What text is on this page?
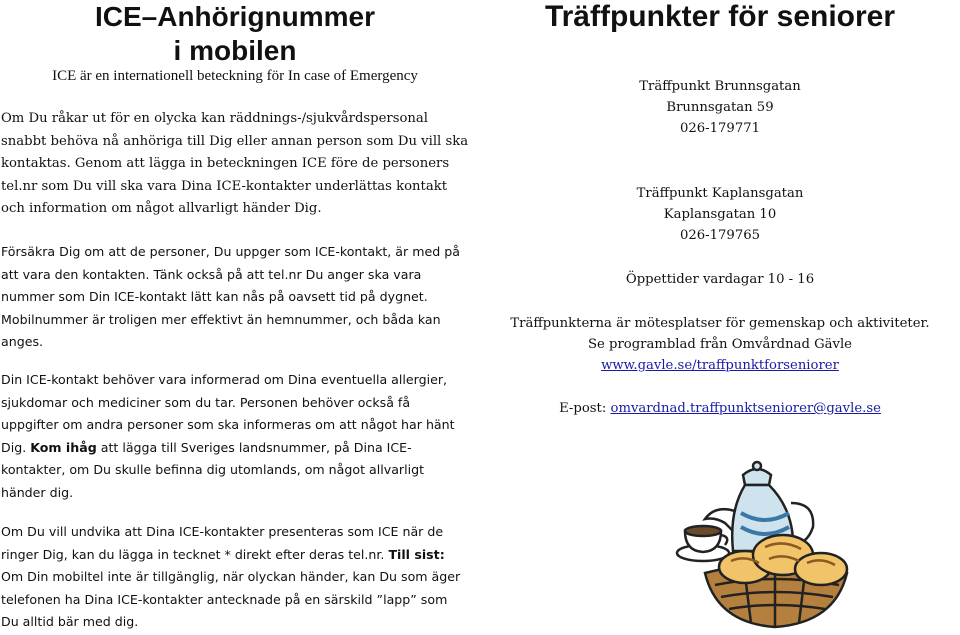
ICE–Anhörignummer
i mobilen
ICE är en internationell beteckning för In case of Emergency
Om Du råkar ut för en olycka kan räddnings-/sjukvårdspersonal snabbt behöva nå anhöriga till Dig eller annan person som Du vill ska kontaktas. Genom att lägga in beteckningen ICE före de personers tel.nr som Du vill ska vara Dina ICE-kontakter underlättas kontakt och information om något allvarligt händer Dig.
Försäkra Dig om att de personer, Du uppger som ICE-kontakt, är med på att vara den kontakten. Tänk också på att tel.nr Du anger ska vara nummer som Din ICE-kontakt lätt kan nås på oavsett tid på dygnet. Mobilnummer är troligen mer effektivt än hemnummer, och båda kan anges.
Din ICE-kontakt behöver vara informerad om Dina eventuella allergier, sjukdomar och mediciner som du tar. Personen behöver också få uppgifter om andra personer som ska informeras om att något har hänt Dig. Kom ihåg att lägga till Sveriges landsnummer, på Dina ICE-kontakter, om Du skulle befinna dig utomlands, om något allvarligt händer dig.
Om Du vill undvika att Dina ICE-kontakter presenteras som ICE när de ringer Dig, kan du lägga in tecknet * direkt efter deras tel.nr. Till sist: Om Din mobiltel inte är tillgänglig, när olyckan händer, kan Du som äger telefonen ha Dina ICE-kontakter antecknade på en särskild ”lapp” som Du alltid bär med dig.
Träffpunkter för seniorer
Träffpunkt Brunnsgatan
Brunnsgatan 59
026-179771
Träffpunkt Kaplansgatan
Kaplansgatan 10
026-179765
Öppettider vardagar 10 - 16
Träffpunkterna är mötesplatser för gemenskap och aktiviteter.
Se programblad från Omvårdnad Gävle
www.gavle.se/traffpunktforseniorer
E-post: omvardnad.traffpunktseniorer@gavle.se
